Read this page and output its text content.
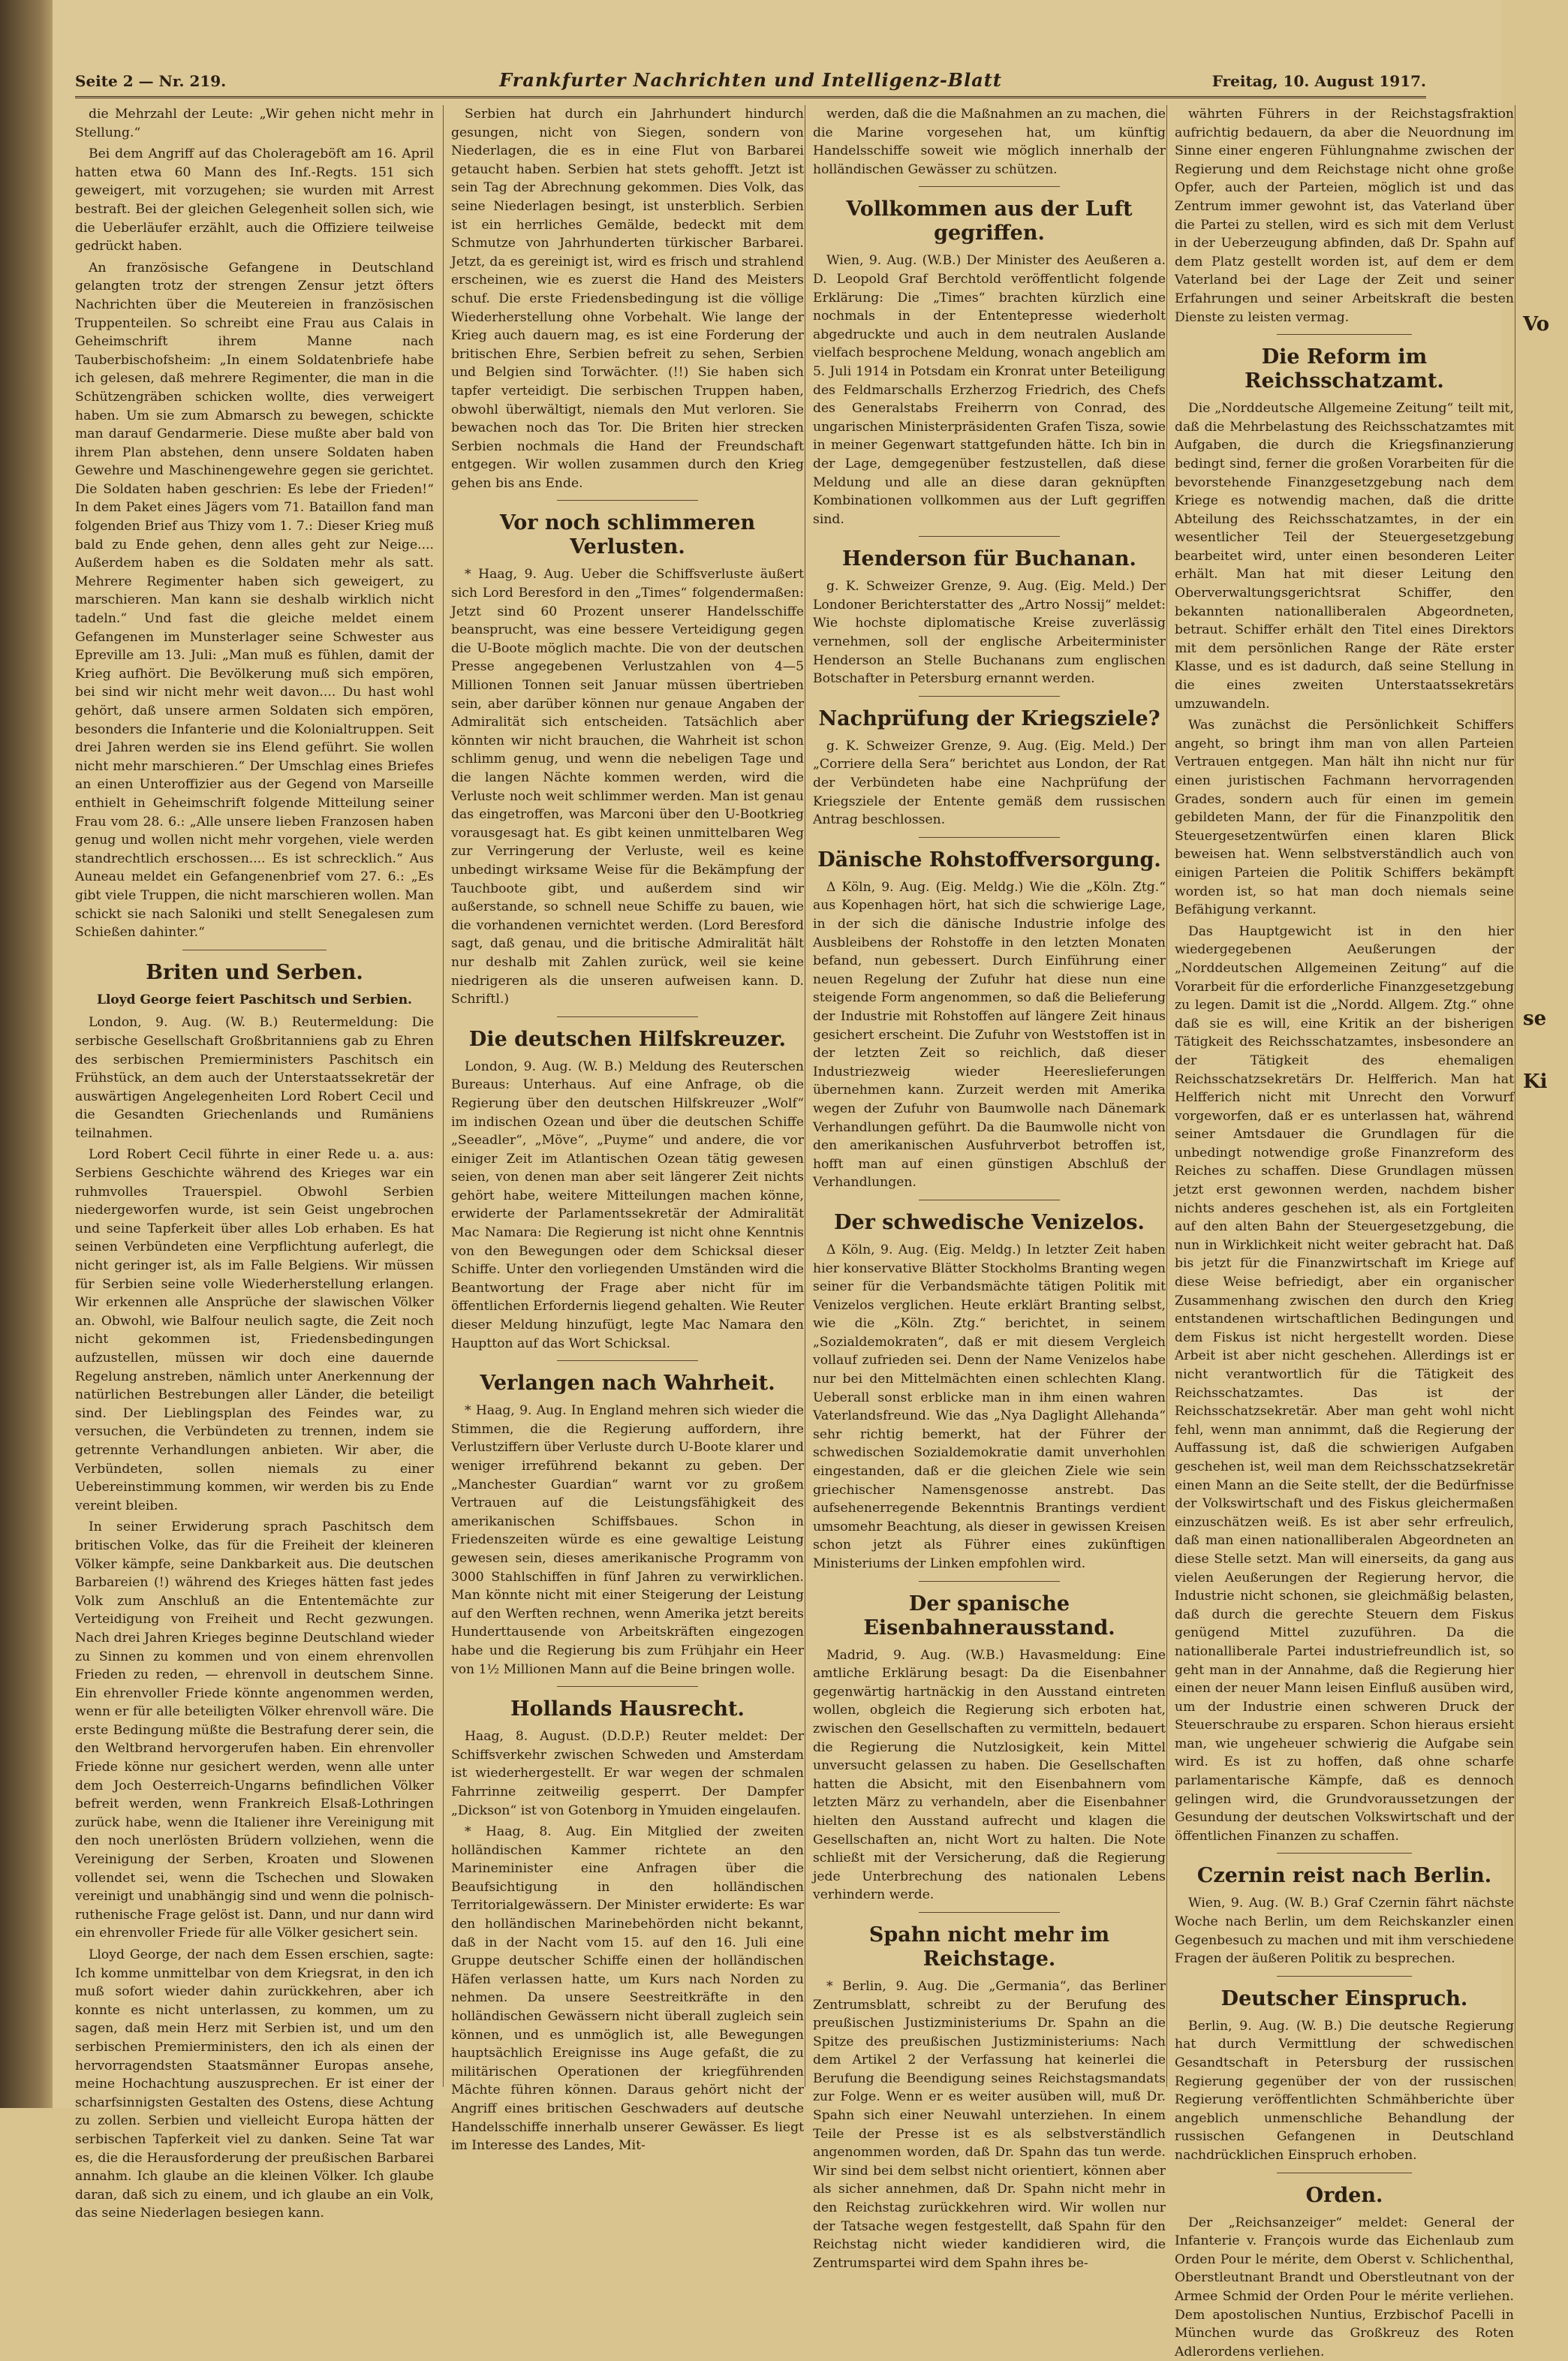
Seite 2 — Nr. 219.	Frankfurter Nachrichten und Intelligenz-Blatt	Freitag, 10. August 1917.

die Mehrzahl der Leute: „Wir gehen nicht mehr in Stellung.“

Bei dem Angriff auf das Cholerageböft am 16. April hatten etwa 60 Mann des Inf.-Regts. 151 sich geweigert, mit vorzugehen; sie wurden mit Arrest bestraft. Bei der gleichen Gelegenheit sollen sich, wie die Ueberläufer erzählt, auch die Offiziere teilweise gedrückt haben.

An französische Gefangene in Deutschland gelangten trotz der strengen Zensur jetzt öfters Nachrichten über die Meutereien in französischen Truppenteilen. So schreibt eine Frau aus Calais in Geheimschrift ihrem Manne nach Tauberbischofsheim: „In einem Soldatenbriefe habe ich gelesen, daß mehrere Regimenter, die man in die Schützengräben schicken wollte, dies verweigert haben. Um sie zum Abmarsch zu bewegen, schickte man darauf Gendarmerie. Diese mußte aber bald von ihrem Plan abstehen, denn unsere Soldaten haben Gewehre und Maschinengewehre gegen sie gerichtet. Die Soldaten haben geschrien: Es lebe der Frieden!“ In dem Paket eines Jägers vom 71. Bataillon fand man folgenden Brief aus Thizy vom 1. 7.: Dieser Krieg muß bald zu Ende gehen, denn alles geht zur Neige.... Außerdem haben es die Soldaten mehr als satt. Mehrere Regimenter haben sich geweigert, zu marschieren. Man kann sie deshalb wirklich nicht tadeln.“ Und fast die gleiche meldet einem Gefangenen im Munsterlager seine Schwester aus Epreville am 13. Juli: „Man muß es fühlen, damit der Krieg aufhört. Die Bevölkerung muß sich empören, bei sind wir nicht mehr weit davon.... Du hast wohl gehört, daß unsere armen Soldaten sich empören, besonders die Infanterie und die Kolonialtruppen. Seit drei Jahren werden sie ins Elend geführt. Sie wollen nicht mehr marschieren.“ Der Umschlag eines Briefes an einen Unteroffizier aus der Gegend von Marseille enthielt in Geheimschrift folgende Mitteilung seiner Frau vom 28. 6.: „Alle unsere lieben Franzosen haben genug und wollen nicht mehr vorgehen, viele werden standrechtlich erschossen.... Es ist schrecklich.“ Aus Auneau meldet ein Gefangenenbrief vom 27. 6.: „Es gibt viele Truppen, die nicht marschieren wollen. Man schickt sie nach Saloniki und stellt Senegalesen zum Schießen dahinter.“

Briten und Serben.
Lloyd George feiert Paschitsch und Serbien.

London, 9. Aug. (W. B.) Reutermeldung: Die serbische Gesellschaft Großbritanniens gab zu Ehren des serbischen Premierministers Paschitsch ein Frühstück, an dem auch der Unterstaatssekretär der auswärtigen Angelegenheiten Lord Robert Cecil und die Gesandten Griechenlands und Rumäniens teilnahmen.

Lord Robert Cecil führte in einer Rede u. a. aus: Serbiens Geschichte während des Krieges war ein ruhmvolles Trauerspiel. Obwohl Serbien niedergeworfen wurde, ist sein Geist ungebrochen und seine Tapferkeit über alles Lob erhaben. Es hat seinen Verbündeten eine Verpflichtung auferlegt, die nicht geringer ist, als im Falle Belgiens. Wir müssen für Serbien seine volle Wiederherstellung erlangen. Wir erkennen alle Ansprüche der slawischen Völker an. Obwohl, wie Balfour neulich sagte, die Zeit noch nicht gekommen ist, Friedensbedingungen aufzustellen, müssen wir doch eine dauernde Regelung anstreben, nämlich unter Anerkennung der natürlichen Bestrebungen aller Länder, die beteiligt sind. Der Lieblingsplan des Feindes war, zu versuchen, die Verbündeten zu trennen, indem sie getrennte Verhandlungen anbieten. Wir aber, die Verbündeten, sollen niemals zu einer Uebereinstimmung kommen, wir werden bis zu Ende vereint bleiben.

In seiner Erwiderung sprach Paschitsch dem britischen Volke, das für die Freiheit der kleineren Völker kämpfe, seine Dankbarkeit aus. Die deutschen Barbareien (!) während des Krieges hätten fast jedes Volk zum Anschluß an die Ententemächte zur Verteidigung von Freiheit und Recht gezwungen. Nach drei Jahren Krieges beginne Deutschland wieder zu Sinnen zu kommen und von einem ehrenvollen Frieden zu reden, — ehrenvoll in deutschem Sinne. Ein ehrenvoller Friede könnte angenommen werden, wenn er für alle beteiligten Völker ehrenvoll wäre. Die erste Bedingung müßte die Bestrafung derer sein, die den Weltbrand hervorgerufen haben. Ein ehrenvoller Friede könne nur gesichert werden, wenn alle unter dem Joch Oesterreich-Ungarns befindlichen Völker befreit werden, wenn Frankreich Elsaß-Lothringen zurück habe, wenn die Italiener ihre Vereinigung mit den noch unerlösten Brüdern vollziehen, wenn die Vereinigung der Serben, Kroaten und Slowenen vollendet sei, wenn die Tschechen und Slowaken vereinigt und unabhängig sind und wenn die polnisch-ruthenische Frage gelöst ist. Dann, und nur dann wird ein ehrenvoller Friede für alle Völker gesichert sein.

Lloyd George, der nach dem Essen erschien, sagte: Ich komme unmittelbar von dem Kriegsrat, in den ich muß sofort wieder dahin zurückkehren, aber ich konnte es nicht unterlassen, zu kommen, um zu sagen, daß mein Herz mit Serbien ist, und um den serbischen Premierministers, den ich als einen der hervorragendsten Staatsmänner Europas ansehe, meine Hochachtung auszusprechen. Er ist einer der scharfsinnigsten Gestalten des Ostens, diese Achtung zu zollen. Serbien und vielleicht Europa hätten der serbischen Tapferkeit viel zu danken. Seine Tat war es, die die Herausforderung der preußischen Barbarei annahm. Ich glaube an die kleinen Völker. Ich glaube daran, daß sich zu einem, und ich glaube an ein Volk, das seine Niederlagen besiegen kann.

Serbien hat durch ein Jahrhundert hindurch gesungen, nicht von Siegen, sondern von Niederlagen, die es in eine Flut von Barbarei getaucht haben. Serbien hat stets gehofft. Jetzt ist sein Tag der Abrechnung gekommen. Dies Volk, das seine Niederlagen besingt, ist unsterblich. Serbien ist ein herrliches Gemälde, bedeckt mit dem Schmutze von Jahrhunderten türkischer Barbarei. Jetzt, da es gereinigt ist, wird es frisch und strahlend erscheinen, wie es zuerst die Hand des Meisters schuf. Die erste Friedensbedingung ist die völlige Wiederherstellung ohne Vorbehalt. Wie lange der Krieg auch dauern mag, es ist eine Forderung der britischen Ehre, Serbien befreit zu sehen, Serbien und Belgien sind Torwächter. (!!) Sie haben sich tapfer verteidigt. Die serbischen Truppen haben, obwohl überwältigt, niemals den Mut verloren. Sie bewachen noch das Tor. Die Briten hier strecken Serbien nochmals die Hand der Freundschaft entgegen. Wir wollen zusammen durch den Krieg gehen bis ans Ende.

Vor noch schlimmeren Verlusten.

* Haag, 9. Aug. Ueber die Schiffsverluste äußert sich Lord Beresford in den „Times“ folgendermaßen: Jetzt sind 60 Prozent unserer Handelsschiffe beansprucht, was eine bessere Verteidigung gegen die U-Boote möglich machte. Die von der deutschen Presse angegebenen Verlustzahlen von 4—5 Millionen Tonnen seit Januar müssen übertrieben sein, aber darüber können nur genaue Angaben der Admiralität sich entscheiden. Tatsächlich aber könnten wir nicht brauchen, die Wahrheit ist schon schlimm genug, und wenn die nebeligen Tage und die langen Nächte kommen werden, wird die Verluste noch weit schlimmer werden. Man ist genau das eingetroffen, was Marconi über den U-Bootkrieg vorausgesagt hat. Es gibt keinen unmittelbaren Weg zur Verringerung der Verluste, weil es keine unbedingt wirksame Weise für die Bekämpfung der Tauchboote gibt, und außerdem sind wir außerstande, so schnell neue Schiffe zu bauen, wie die vorhandenen vernichtet werden. (Lord Beresford sagt, daß genau, und die britische Admiralität hält nur deshalb mit Zahlen zurück, weil sie keine niedrigeren als die unseren aufweisen kann. D. Schriftl.)

Die deutschen Hilfskreuzer.

London, 9. Aug. (W. B.) Meldung des Reuterschen Bureaus: Unterhaus. Auf eine Anfrage, ob die Regierung über den deutschen Hilfskreuzer „Wolf“ im indischen Ozean und über die deutschen Schiffe „Seeadler“, „Möve“, „Puyme“ und andere, die vor einiger Zeit im Atlantischen Ozean tätig gewesen seien, von denen man aber seit längerer Zeit nichts gehört habe, weitere Mitteilungen machen könne, erwiderte der Parlamentssekretär der Admiralität Mac Namara: Die Regierung ist nicht ohne Kenntnis von den Bewegungen oder dem Schicksal dieser Schiffe. Unter den vorliegenden Umständen wird die Beantwortung der Frage aber nicht für im öffentlichen Erfordernis liegend gehalten. Wie Reuter dieser Meldung hinzufügt, legte Mac Namara den Hauptton auf das Wort Schicksal.

Verlangen nach Wahrheit.

* Haag, 9. Aug. In England mehren sich wieder die Stimmen, die die Regierung auffordern, ihre Verlustziffern über Verluste durch U-Boote klarer und weniger irreführend bekannt zu geben. Der „Manchester Guardian“ warnt vor zu großem Vertrauen auf die Leistungsfähigkeit des amerikanischen Schiffsbaues. Schon in Friedenszeiten würde es eine gewaltige Leistung gewesen sein, dieses amerikanische Programm von 3000 Stahlschiffen in fünf Jahren zu verwirklichen. Man könnte nicht mit einer Steigerung der Leistung auf den Werften rechnen, wenn Amerika jetzt bereits Hunderttausende von Arbeitskräften eingezogen habe und die Regierung bis zum Frühjahr ein Heer von 1½ Millionen Mann auf die Beine bringen wolle.

Hollands Hausrecht.

Haag, 8. August. (D.D.P.) Reuter meldet: Der Schiffsverkehr zwischen Schweden und Amsterdam ist wiederhergestellt. Er war wegen der schmalen Fahrrinne zeitweilig gesperrt. Der Dampfer „Dickson“ ist von Gotenborg in Ymuiden eingelaufen.

* Haag, 8. Aug. Ein Mitglied der zweiten holländischen Kammer richtete an den Marineminister eine Anfragen über die Beaufsichtigung in den holländischen Territorialgewässern. Der Minister erwiderte: Es war den holländischen Marinebehörden nicht bekannt, daß in der Nacht vom 15. auf den 16. Juli eine Gruppe deutscher Schiffe einen der holländischen Häfen verlassen hatte, um Kurs nach Norden zu nehmen. Da unsere Seestreitkräfte in den holländischen Gewässern nicht überall zugleich sein können, und es unmöglich ist, alle Bewegungen hauptsächlich Ereignisse ins Auge gefaßt, die zu militärischen Operationen der kriegführenden Mächte führen können. Daraus gehört nicht der Angriff eines britischen Geschwaders auf deutsche Handelsschiffe innerhalb unserer Gewässer. Es liegt im Interesse des Landes, Mit-

werden, daß die die Maßnahmen an zu machen, die die Marine vorgesehen hat, um künftig Handelsschiffe soweit wie möglich innerhalb der holländischen Gewässer zu schützen.

Vollkommen aus der Luft gegriffen.

Wien, 9. Aug. (W.B.) Der Minister des Aeußeren a. D. Leopold Graf Berchtold veröffentlicht folgende Erklärung: Die „Times“ brachten kürzlich eine nochmals in der Ententepresse wiederholt abgedruckte und auch in dem neutralen Auslande vielfach besprochene Meldung, wonach angeblich am 5. Juli 1914 in Potsdam ein Kronrat unter Beteiligung des Feldmarschalls Erzherzog Friedrich, des Chefs des Generalstabs Freiherrn von Conrad, des ungarischen Ministerpräsidenten Grafen Tisza, sowie in meiner Gegenwart stattgefunden hätte. Ich bin in der Lage, demgegenüber festzustellen, daß diese Meldung und alle an diese daran geknüpften Kombinationen vollkommen aus der Luft gegriffen sind.

Henderson für Buchanan.

g. K. Schweizer Grenze, 9. Aug. (Eig. Meld.) Der Londoner Berichterstatter des „Artro Nossij“ meldet: Wie hochste diplomatische Kreise zuverlässig vernehmen, soll der englische Arbeiterminister Henderson an Stelle Buchanans zum englischen Botschafter in Petersburg ernannt werden.

Nachprüfung der Kriegsziele?

g. K. Schweizer Grenze, 9. Aug. (Eig. Meld.) Der „Corriere della Sera“ berichtet aus London, der Rat der Verbündeten habe eine Nachprüfung der Kriegsziele der Entente gemäß dem russischen Antrag beschlossen.

Dänische Rohstoffversorgung.

Δ Köln, 9. Aug. (Eig. Meldg.) Wie die „Köln. Ztg.“ aus Kopenhagen hört, hat sich die schwierige Lage, in der sich die dänische Industrie infolge des Ausbleibens der Rohstoffe in den letzten Monaten befand, nun gebessert. Durch Einführung einer neuen Regelung der Zufuhr hat diese nun eine steigende Form angenommen, so daß die Belieferung der Industrie mit Rohstoffen auf längere Zeit hinaus gesichert erscheint. Die Zufuhr von Weststoffen ist in der letzten Zeit so reichlich, daß dieser Industriezweig wieder Heereslieferungen übernehmen kann. Zurzeit werden mit Amerika wegen der Zufuhr von Baumwolle nach Dänemark Verhandlungen geführt. Da die Baumwolle nicht von den amerikanischen Ausfuhrverbot betroffen ist, hofft man auf einen günstigen Abschluß der Verhandlungen.

Der schwedische Venizelos.

Δ Köln, 9. Aug. (Eig. Meldg.) In letzter Zeit haben hier konservative Blätter Stockholms Branting wegen seiner für die Verbandsmächte tätigen Politik mit Venizelos verglichen. Heute erklärt Branting selbst, wie die „Köln. Ztg.“ berichtet, in seinem „Sozialdemokraten“, daß er mit diesem Vergleich vollauf zufrieden sei. Denn der Name Venizelos habe nur bei den Mittelmächten einen schlechten Klang. Ueberall sonst erblicke man in ihm einen wahren Vaterlandsfreund. Wie das „Nya Daglight Allehanda“ sehr richtig bemerkt, hat der Führer der schwedischen Sozialdemokratie damit unverhohlen eingestanden, daß er die gleichen Ziele wie sein griechischer Namensgenosse anstrebt. Das aufsehenerregende Bekenntnis Brantings verdient umsomehr Beachtung, als dieser in gewissen Kreisen schon jetzt als Führer eines zukünftigen Ministeriums der Linken empfohlen wird.

Der spanische Eisenbahnerausstand.

Madrid, 9. Aug. (W.B.) Havasmeldung: Eine amtliche Erklärung besagt: Da die Eisenbahner gegenwärtig hartnäckig in den Ausstand eintreten wollen, obgleich die Regierung sich erboten hat, zwischen den Gesellschaften zu vermitteln, bedauert die Regierung die Nutzlosigkeit, kein Mittel unversucht gelassen zu haben. Die Gesellschaften hatten die Absicht, mit den Eisenbahnern vom letzten März zu verhandeln, aber die Eisenbahner hielten den Ausstand aufrecht und klagen die Gesellschaften an, nicht Wort zu halten. Die Note schließt mit der Versicherung, daß die Regierung jede Unterbrechung des nationalen Lebens verhindern werde.

Spahn nicht mehr im Reichstage.

* Berlin, 9. Aug. Die „Germania“, das Berliner Zentrumsblatt, schreibt zu der Berufung des preußischen Justizministeriums Dr. Spahn an die Spitze des preußischen Justizministeriums: Nach dem Artikel 2 der Verfassung hat keinerlei die Berufung die Beendigung seines Reichstagsmandats zur Folge. Wenn er es weiter ausüben will, muß Dr. Spahn sich einer Neuwahl unterziehen. In einem Teile der Presse ist es als selbstverständlich angenommen worden, daß Dr. Spahn das tun werde. Wir sind bei dem selbst nicht orientiert, können aber als sicher annehmen, daß Dr. Spahn nicht mehr in den Reichstag zurückkehren wird. Wir wollen nur der Tatsache wegen festgestellt, daß Spahn für den Reichstag nicht wieder kandidieren wird, die Zentrumspartei wird dem Spahn ihres be-

währten Führers in der Reichstagsfraktion aufrichtig bedauern, da aber die Neuordnung im Sinne einer engeren Fühlungnahme zwischen der Regierung und dem Reichstage nicht ohne große Opfer, auch der Parteien, möglich ist und das Zentrum immer gewohnt ist, das Vaterland über die Partei zu stellen, wird es sich mit dem Verlust in der Ueberzeugung abfinden, daß Dr. Spahn auf dem Platz gestellt worden ist, auf dem er dem Vaterland bei der Lage der Zeit und seiner Erfahrungen und seiner Arbeitskraft die besten Dienste zu leisten vermag.

Die Reform im Reichsschatzamt.

Die „Norddeutsche Allgemeine Zeitung“ teilt mit, daß die Mehrbelastung des Reichsschatzamtes mit Aufgaben, die durch die Kriegsfinanzierung bedingt sind, ferner die großen Vorarbeiten für die bevorstehende Finanzgesetzgebung nach dem Kriege es notwendig machen, daß die dritte Abteilung des Reichsschatzamtes, in der ein wesentlicher Teil der Steuergesetzgebung bearbeitet wird, unter einen besonderen Leiter erhält. Man hat mit dieser Leitung den Oberverwaltungsgerichtsrat Schiffer, den bekannten nationalliberalen Abgeordneten, betraut. Schiffer erhält den Titel eines Direktors mit dem persönlichen Range der Räte erster Klasse, und es ist dadurch, daß seine Stellung in die eines zweiten Unterstaatssekretärs umzuwandeln.

Was zunächst die Persönlichkeit Schiffers angeht, so bringt ihm man von allen Parteien Vertrauen entgegen. Man hält ihn nicht nur für einen juristischen Fachmann hervorragenden Grades, sondern auch für einen im gemein gebildeten Mann, der für die Finanzpolitik den Steuergesetzentwürfen einen klaren Blick beweisen hat. Wenn selbstverständlich auch von einigen Parteien die Politik Schiffers bekämpft worden ist, so hat man doch niemals seine Befähigung verkannt.

Das Hauptgewicht ist in den hier wiedergegebenen Aeußerungen der „Norddeutschen Allgemeinen Zeitung“ auf die Vorarbeit für die erforderliche Finanzgesetzgebung zu legen. Damit ist die „Nordd. Allgem. Ztg.“ ohne daß sie es will, eine Kritik an der bisherigen Tätigkeit des Reichsschatzamtes, insbesondere an der Tätigkeit des ehemaligen Reichsschatzsekretärs Dr. Helfferich. Man hat Helfferich nicht mit Unrecht den Vorwurf vorgeworfen, daß er es unterlassen hat, während seiner Amtsdauer die Grundlagen für die unbedingt notwendige große Finanzreform des Reiches zu schaffen. Diese Grundlagen müssen jetzt erst gewonnen werden, nachdem bisher nichts anderes geschehen ist, als ein Fortgleiten auf den alten Bahn der Steuergesetzgebung, die nun in Wirklichkeit nicht weiter gebracht hat. Daß bis jetzt für die Finanzwirtschaft im Kriege auf diese Weise befriedigt, aber ein organischer Zusammenhang zwischen den durch den Krieg entstandenen wirtschaftlichen Bedingungen und dem Fiskus ist nicht hergestellt worden. Diese Arbeit ist aber nicht geschehen. Allerdings ist er nicht verantwortlich für die Tätigkeit des Reichsschatzamtes. Das ist der Reichsschatzsekretär. Aber man geht wohl nicht fehl, wenn man annimmt, daß die Regierung der Auffassung ist, daß die schwierigen Aufgaben geschehen ist, weil man dem Reichsschatzsekretär einen Mann an die Seite stellt, der die Bedürfnisse der Volkswirtschaft und des Fiskus gleichermaßen einzuschätzen weiß. Es ist aber sehr erfreulich, daß man einen nationalliberalen Abgeordneten an diese Stelle setzt. Man will einerseits, da gang aus vielen Aeußerungen der Regierung hervor, die Industrie nicht schonen, sie gleichmäßig belasten, daß durch die gerechte Steuern dem Fiskus genügend Mittel zuzuführen. Da die nationalliberale Partei industriefreundlich ist, so geht man in der Annahme, daß die Regierung hier einen der neuer Mann leisen Einfluß ausüben wird, um der Industrie einen schweren Druck der Steuerschraube zu ersparen. Schon hieraus ersieht man, wie ungeheuer schwierig die Aufgabe sein wird. Es ist zu hoffen, daß ohne scharfe parlamentarische Kämpfe, daß es dennoch gelingen wird, die Grundvoraussetzungen der Gesundung der deutschen Volkswirtschaft und der öffentlichen Finanzen zu schaffen.

Czernin reist nach Berlin.

Wien, 9. Aug. (W. B.) Graf Czernin fährt nächste Woche nach Berlin, um dem Reichskanzler einen Gegenbesuch zu machen und mit ihm verschiedene Fragen der äußeren Politik zu besprechen.

Deutscher Einspruch.

Berlin, 9. Aug. (W. B.) Die deutsche Regierung hat durch Vermittlung der schwedischen Gesandtschaft in Petersburg der russischen Regierung gegenüber der von der russischen Regierung veröffentlichten Schmähberichte über angeblich unmenschliche Behandlung der russischen Gefangenen in Deutschland nachdrücklichen Einspruch erhoben.

Orden.

Der „Reichsanzeiger“ meldet: General der Infanterie v. François wurde das Eichenlaub zum Orden Pour le mérite, dem Oberst v. Schlichenthal, Oberstleutnant Brandt und Oberstleutnant von der Armee Schmid der Orden Pour le mérite verliehen. Dem apostolischen Nuntius, Erzbischof Pacelli in München wurde das Großkreuz des Roten Adlerordens verliehen.

Vo
se
Ki
